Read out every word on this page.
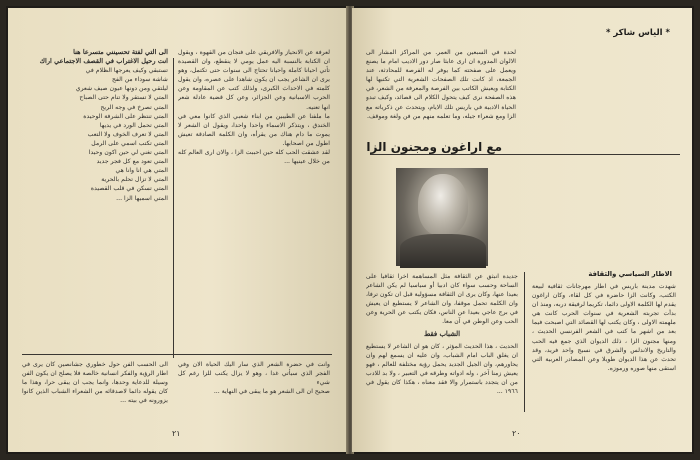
لعرفة عن الانحياز والافريقي على فنجان من القهوة ، ويقول ان الكتابة بالنسبة اليه عمل يومي لا ينقطع، وان القصيدة تأتي احيانا كاملة واحيانا تحتاج الى سنوات حتى تكتمل، وهو يرى ان الشاعر يجب ان يكون شاهدا على عصره، وان يقول كلمته في الاحداث الكبرى، ولذلك كتب عن المقاومة وعن الحرب الاسبانية وعن الجزائر، وعن كل قضية عادلة شعر انها تعنيه.

ما ملفنا عن الطيبين من ابناء شعبي الذي كانوا معي في الخندق ، ويتذكر الاسماء واحدا واحدا، ويقول ان الشعر لا يموت ما دام هناك من يقرأه، وان الكلمة الصادقة تعيش اطول من اصحابها.

لقد عشقت الحب كله حين احببت الزا ، والان ارى العالم كله من خلال عينيها ...

الى التي لفتة تحسينني متسرعا هنا

انت رحيل الاغتراب في القصف الاجتماعي اراك

تستبقي وكيف يعرجها الظلام في

شاشة سوداء من الفج

ليلتقي ومن دونها عيون صيف شعري

المتي لا تستقر ولا تنام حتى الصباح

المتي تصرخ في وجه الريح

المتي تنتظر على الشرفة الوحيدة

المتي تحمل الورد في يديها

المتي لا تعرف الخوف ولا التعب

المتي تكتب اسمي على الرمل

المتي تغني لي حين اكون وحيدا

المتي تعود مع كل فجر جديد

المتي هي انا وانا هي

المتي لا تزال تحلم بالحرية

المتي تسكن في قلب القصيدة

المتي اسميها الزا ...

الى الحسب الفن حول خطوري جشانصين كان يرى في اطار الرؤية والفكر انسانية خالصة فلا يصلح ان يكون الفن وسيلة للدعاية وحدها، وانما يجب ان يبقى حرا، وهذا ما كان يقوله دائما لاصدقائه من الشعراء الشباب الذين كانوا يزورونه في بيته ...

وانت في حضرة الشعر الذي سار اليك الحياة الان وفي الفجر الذي سيأتي غدا ، وهو لا يزال يكتب للزا رغم كل شيء

صحيح ان الى الشعر هو ما يبقى في النهاية ...

٢١
* الياس شاكر *

لحدة في السبعين من العمر. من المراكز المشار الى الالوان المدورة ان ارى عابثا صار دور الاديب امام ما يصنع ويعمل على صفحته كما يوفر له الفرصة للمحادثة، عند الجمعة، اذ كانت تلك الصفحات الشعرية التي تكتبها لها الكتابة ويعيش الكاتب بين الفرصة والمعرفة من الشعر، في هذه الصفحة نرى كيف يتحول الكلام الى قصائد، وكيف تبدو الحياة الادبية في باريس تلك الايام، ويتحدث عن ذكرياته مع الزا ومع شعراء جيله، وما تعلمه منهم من فن ولغة وموقف.

مع اراغون ومجنون الزا
الاطار السياسي والثقافة

شهدت مدينة باريس في اطار مهرجانات ثقافية لبيعة الكتب، وكانت الزا حاضرة في كل لقاء، وكان اراغون يقدم لها الكلمة الاولى دائما، تكريما لرفيقة دربه، ومنذ ان بدأت تجربته الشعرية في سنوات الحرب كانت هي ملهمته الاولى ، وكان يكتب لها القصائد التي اصبحت فيما بعد من اشهر ما كتب في الشعر الفرنسي الحديث ، ومنها مجنون الزا ، ذلك الديوان الذي جمع فيه الحب والتاريخ والاندلس والشرق في نسيج واحد فريد، وقد تحدث عن هذا الديوان طويلا وعن المصادر العربية التي استقى منها صوره ورموزه.

جديدة انبثق عن الثقافة مثل المساهمة اخرا ثقافيا على الساحة وحسب سواء كان ادبيا أو سياسيا لم يكن الشاعر بعيدا عنها، وكان يرى ان الثقافة مسؤولية قبل ان تكون ترفا، وان الكلمة تحمل موقفا، وان الشاعر لا يستطيع ان يعيش في برج عاجي بعيدا عن الناس، فكان يكتب عن الحرية وعن الحب وعن الوطن في آن معا.

الشباب فقط

الحديث ، هذا الحديث المؤثر ، كان هو ان الشاعر لا يستطيع ان يغلق الباب امام الشباب، وان عليه ان يسمع لهم وان يحاورهم، وان الجيل الجديد يحمل رؤية مختلفة للعالم ، فهو يعيش زمنا آخر ، وله ادواته وطرقه في التعبير ، ولا بد للادب من ان يتجدد باستمرار والا فقد معناه ، هكذا كان يقول في ١٩٦٦ ...

٢٠
